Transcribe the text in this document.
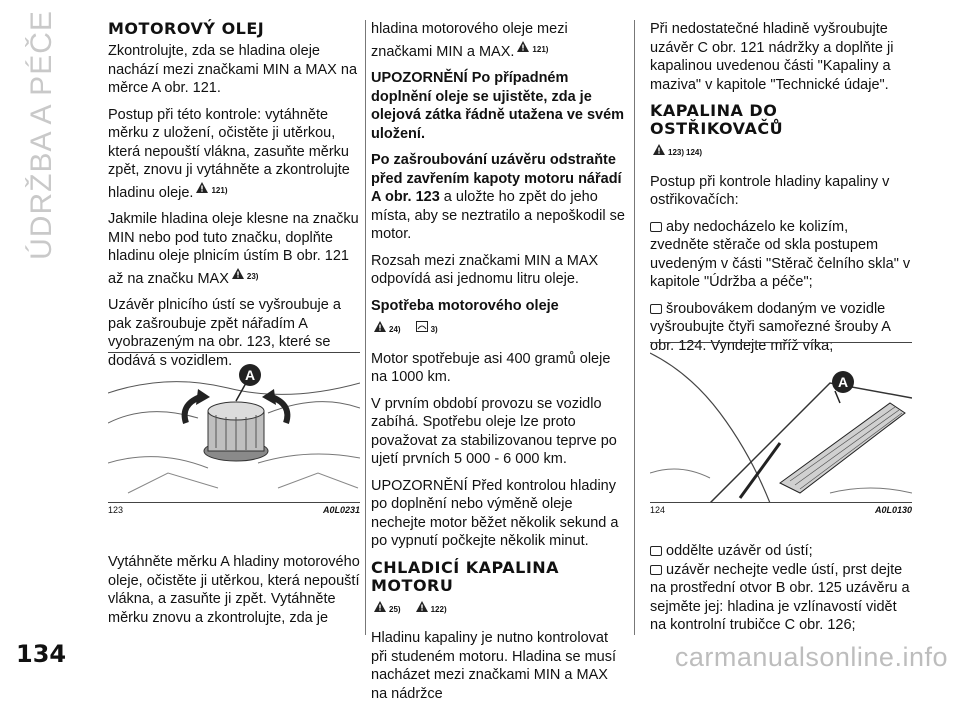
ÚDRŽBA A PÉČE
134
MOTOROVÝ OLEJ

Zkontrolujte, zda se hladina oleje nachází mezi značkami MIN a MAX na měrce A obr. 121.

Postup při této kontrole: vytáhněte měrku z uložení, očistěte ji utěrkou, která nepouští vlákna, zasuňte měrku zpět, znovu ji vytáhněte a zkontrolujte hladinu oleje. $^{121)}$

Jakmile hladina oleje klesne na značku MIN nebo pod tuto značku, doplňte hladinu oleje plnicím ústím B obr. 121 až na značku MAX $^{23)}$

Uzávěr plnicího ústí se vyšroubuje a pak zašroubuje zpět nářadím A vyobrazeným na obr. 123, které se dodává s vozidlem.

A
123	A0L0231

Vytáhněte měrku A hladiny motorového oleje, očistěte ji utěrkou, která nepouští vlákna, a zasuňte ji zpět. Vytáhněte měrku znovu a zkontrolujte, zda je

hladina motorového oleje mezi značkami MIN a MAX. $^{121)}$

UPOZORNĚNÍ Po případném doplnění oleje se ujistěte, zda je olejová zátka řádně utažena ve svém uložení.

Po zašroubování uzávěru odstraňte před zavřením kapoty motoru nářadí A obr. 123 a uložte ho zpět do jeho místa, aby se neztratilo a nepoškodil se motor.

Rozsah mezi značkami MIN a MAX odpovídá asi jednomu litru oleje.

Spotřeba motorového oleje

$^{24)}$	$^{3)}$

Motor spotřebuje asi 400 gramů oleje na 1000 km.

V prvním období provozu se vozidlo zabíhá. Spotřebu oleje lze proto považovat za stabilizovanou teprve po ujetí prvních 5 000 - 6 000 km.

UPOZORNĚNÍ Před kontrolou hladiny po doplnění nebo výměně oleje nechejte motor běžet několik sekund a po vypnutí počkejte několik minut.

CHLADICÍ KAPALINA MOTORU

$^{25)}$	$^{122)}$

Hladinu kapaliny je nutno kontrolovat při studeném motoru. Hladina se musí nacházet mezi značkami MIN a MAX na nádržce

Při nedostatečné hladině vyšroubujte uzávěr C obr. 121 nádržky a doplňte ji kapalinou uvedenou části "Kapaliny a maziva" v kapitole "Technické údaje".

KAPALINA DO OSTŘIKOVAČŮ

$^{123)}$ $^{124)}$

Postup při kontrole hladiny kapaliny v ostřikovačích:

aby nedocházelo ke kolizím,

zvedněte stěrače od skla postupem uvedeným v části "Stěrač čelního skla" v kapitole "Údržba a péče";

šroubovákem dodaným ve vozidle

vyšroubujte čtyři samořezné šrouby A obr. 124. Vyndejte mříž víka;

A
124	A0L0130

oddělte uzávěr od ústí;

uzávěr nechejte vedle ústí, prst dejte

na prostřední otvor B obr. 125 uzávěru a sejměte jej: hladina je vzlínavostí vidět na kontrolní trubičce C obr. 126;

carmanualsonline.info
